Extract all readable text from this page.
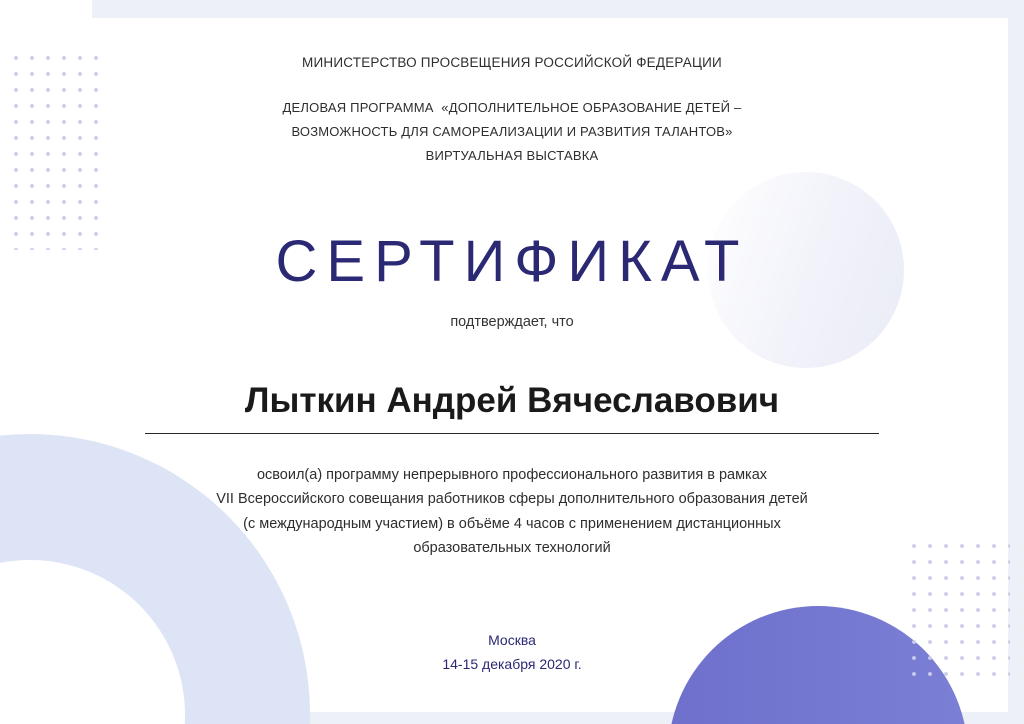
МИНИСТЕРСТВО ПРОСВЕЩЕНИЯ РОССИЙСКОЙ ФЕДЕРАЦИИ
ДЕЛОВАЯ ПРОГРАММА  «ДОПОЛНИТЕЛЬНОЕ ОБРАЗОВАНИЕ ДЕТЕЙ –
ВОЗМОЖНОСТЬ ДЛЯ САМОРЕАЛИЗАЦИИ И РАЗВИТИЯ ТАЛАНТОВ»
ВИРТУАЛЬНАЯ ВЫСТАВКА
СЕРТИФИКАТ
подтверждает, что
Лыткин Андрей Вячеславович
освоил(а) программу непрерывного профессионального развития в рамках
VII Всероссийского совещания работников сферы дополнительного образования детей
(с международным участием) в объёме 4 часов с применением дистанционных
образовательных технологий
Москва
14-15 декабря 2020 г.
